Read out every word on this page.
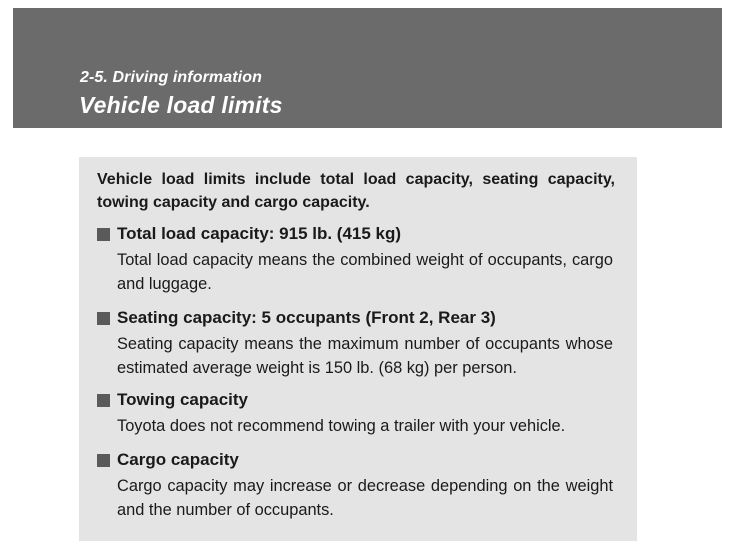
2-5. Driving information
Vehicle load limits
Vehicle load limits include total load capacity, seating capacity, towing capacity and cargo capacity.
Total load capacity: 915 lb. (415 kg)
Total load capacity means the combined weight of occupants, cargo and luggage.
Seating capacity: 5 occupants (Front 2, Rear 3)
Seating capacity means the maximum number of occupants whose estimated average weight is 150 lb. (68 kg) per person.
Towing capacity
Toyota does not recommend towing a trailer with your vehicle.
Cargo capacity
Cargo capacity may increase or decrease depending on the weight and the number of occupants.
